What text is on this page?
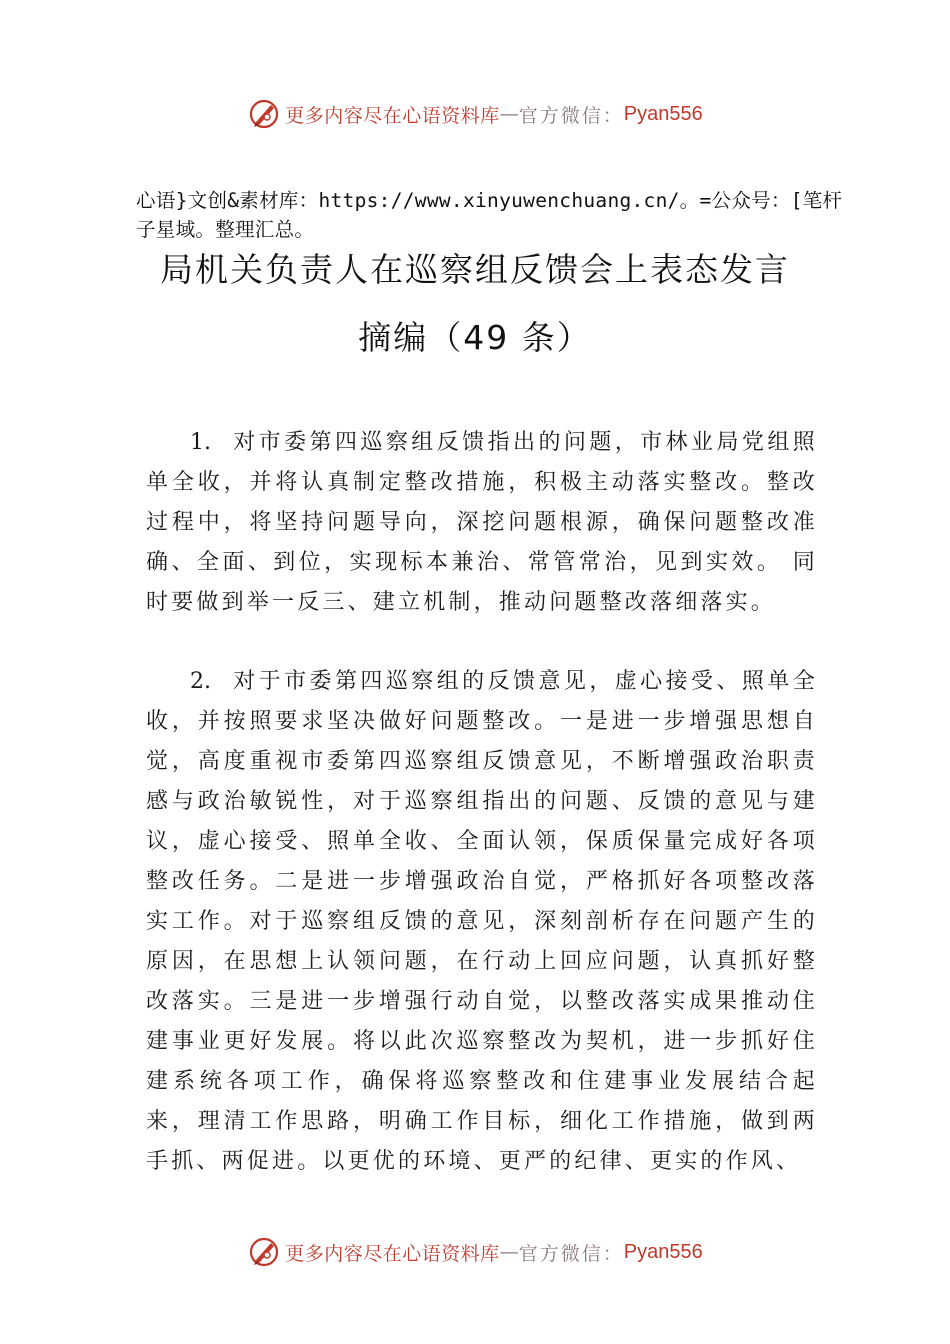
更多内容尽在心语资料库 — 官方微信： Pyan556
心语}文创&素材库：https://www.xinyuwenchuang.cn/。=公众号：[笔杆子星域。整理汇总。
局机关负责人在巡察组反馈会上表态发言
摘编（49 条）
1. 对市委第四巡察组反馈指出的问题，市林业局党组照单全收，并将认真制定整改措施，积极主动落实整改。整改过程中，将坚持问题导向，深挖问题根源，确保问题整改准确、全面、到位，实现标本兼治、常管常治，见到实效。 同时要做到举一反三、建立机制，推动问题整改落细落实。
2. 对于市委第四巡察组的反馈意见，虚心接受、照单全收，并按照要求坚决做好问题整改。一是进一步增强思想自觉，高度重视市委第四巡察组反馈意见，不断增强政治职责感与政治敏锐性，对于巡察组指出的问题、反馈的意见与建议，虚心接受、照单全收、全面认领，保质保量完成好各项整改任务。二是进一步增强政治自觉，严格抓好各项整改落实工作。对于巡察组反馈的意见，深刻剖析存在问题产生的原因，在思想上认领问题，在行动上回应问题，认真抓好整改落实。三是进一步增强行动自觉，以整改落实成果推动住建事业更好发展。将以此次巡察整改为契机，进一步抓好住建系统各项工作，确保将巡察整改和住建事业发展结合起来，理清工作思路，明确工作目标，细化工作措施，做到两手抓、两促进。以更优的环境、更严的纪律、更实的作风、
更多内容尽在心语资料库 — 官方微信： Pyan556
